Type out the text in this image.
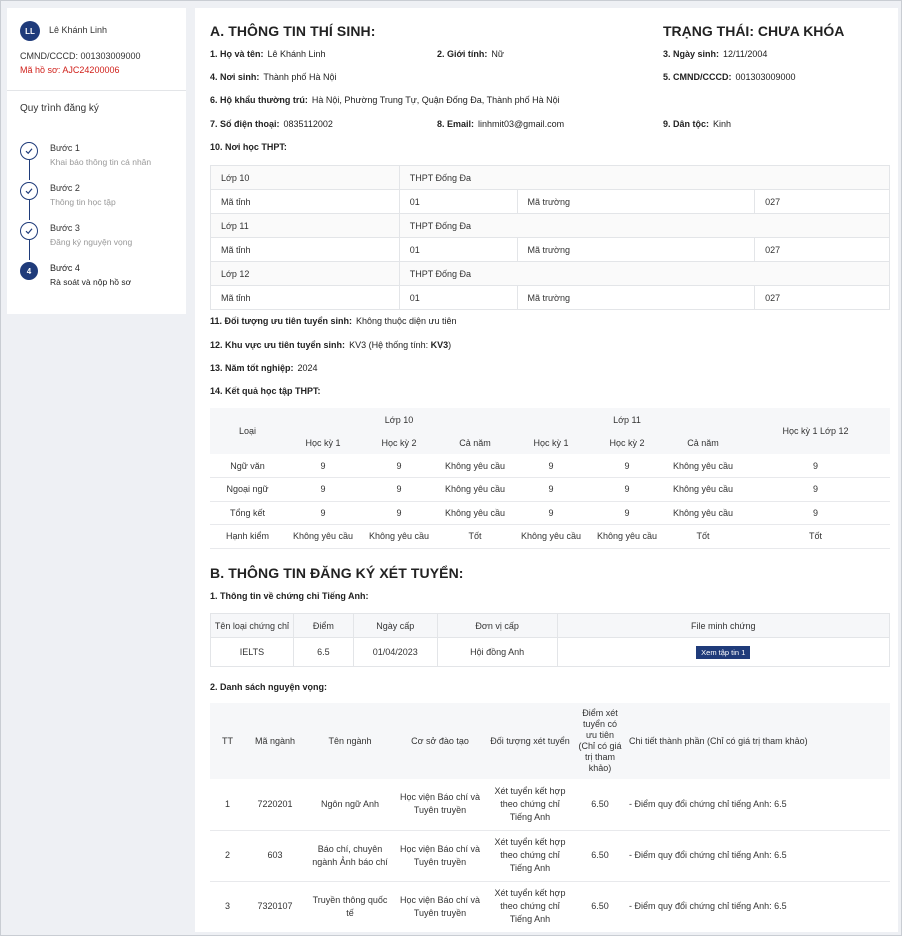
LL	Lê Khánh Linh
CMND/CCCD: 001303009000
Mã hồ sơ: AJC24200006
Quy trình đăng ký
Bước 1
Khai báo thông tin cá nhân
Bước 2
Thông tin học tập
Bước 3
Đăng ký nguyện vọng
4	Bước 4
Rà soát và nộp hồ sơ
A. THÔNG TIN THÍ SINH:	TRẠNG THÁI: CHƯA KHÓA
1. Họ và tên: Lê Khánh Linh	2. Giới tính: Nữ	3. Ngày sinh: 12/11/2004
4. Nơi sinh: Thành phố Hà Nội	5. CMND/CCCD: 001303009000
6. Hộ khẩu thường trú: Hà Nội, Phường Trung Tự, Quận Đống Đa, Thành phố Hà Nội
7. Số điện thoại: 0835112002	8. Email: linhmit03@gmail.com	9. Dân tộc: Kinh
10. Nơi học THPT:
Lớp 10	THPT Đống Đa		
Mã tỉnh	01	Mã trường	027
Lớp 11	THPT Đống Đa		
Mã tỉnh	01	Mã trường	027
Lớp 12	THPT Đống Đa		
Mã tỉnh	01	Mã trường	027
11. Đối tượng ưu tiên tuyển sinh: Không thuộc diện ưu tiên
12. Khu vực ưu tiên tuyển sinh: KV3 (Hệ thống tính: KV3)
13. Năm tốt nghiệp: 2024
14. Kết quả học tập THPT:
Loại	Lớp 10			Lớp 11			Học kỳ 1 Lớp 12
	Học kỳ 1	Học kỳ 2	Cả năm	Học kỳ 1	Học kỳ 2	Cả năm	
Ngữ văn	9	9	Không yêu cầu	9	9	Không yêu cầu	9
Ngoại ngữ	9	9	Không yêu cầu	9	9	Không yêu cầu	9
Tổng kết	9	9	Không yêu cầu	9	9	Không yêu cầu	9
Hạnh kiểm	Không yêu cầu	Không yêu cầu	Tốt	Không yêu cầu	Không yêu cầu	Tốt	Tốt
B. THÔNG TIN ĐĂNG KÝ XÉT TUYỂN:
1. Thông tin về chứng chỉ Tiếng Anh:
Tên loại chứng chỉ	Điểm	Ngày cấp	Đơn vị cấp	File minh chứng
IELTS	6.5	01/04/2023	Hội đồng Anh	Xem tập tin 1
2. Danh sách nguyện vọng:
TT	Mã ngành	Tên ngành	Cơ sở đào tạo	Đối tượng xét tuyển	Điểm xét tuyển có ưu tiên (Chỉ có giá trị tham khảo)	Chi tiết thành phần (Chỉ có giá trị tham khảo)
1	7220201	Ngôn ngữ Anh	Học viện Báo chí và Tuyên truyền	Xét tuyển kết hợp theo chứng chỉ Tiếng Anh	6.50	- Điểm quy đổi chứng chỉ tiếng Anh: 6.5
2	603	Báo chí, chuyên ngành Ảnh báo chí	Học viện Báo chí và Tuyên truyền	Xét tuyển kết hợp theo chứng chỉ Tiếng Anh	6.50	- Điểm quy đổi chứng chỉ tiếng Anh: 6.5
3	7320107	Truyền thông quốc tế	Học viện Báo chí và Tuyên truyền	Xét tuyển kết hợp theo chứng chỉ Tiếng Anh	6.50	- Điểm quy đổi chứng chỉ tiếng Anh: 6.5
